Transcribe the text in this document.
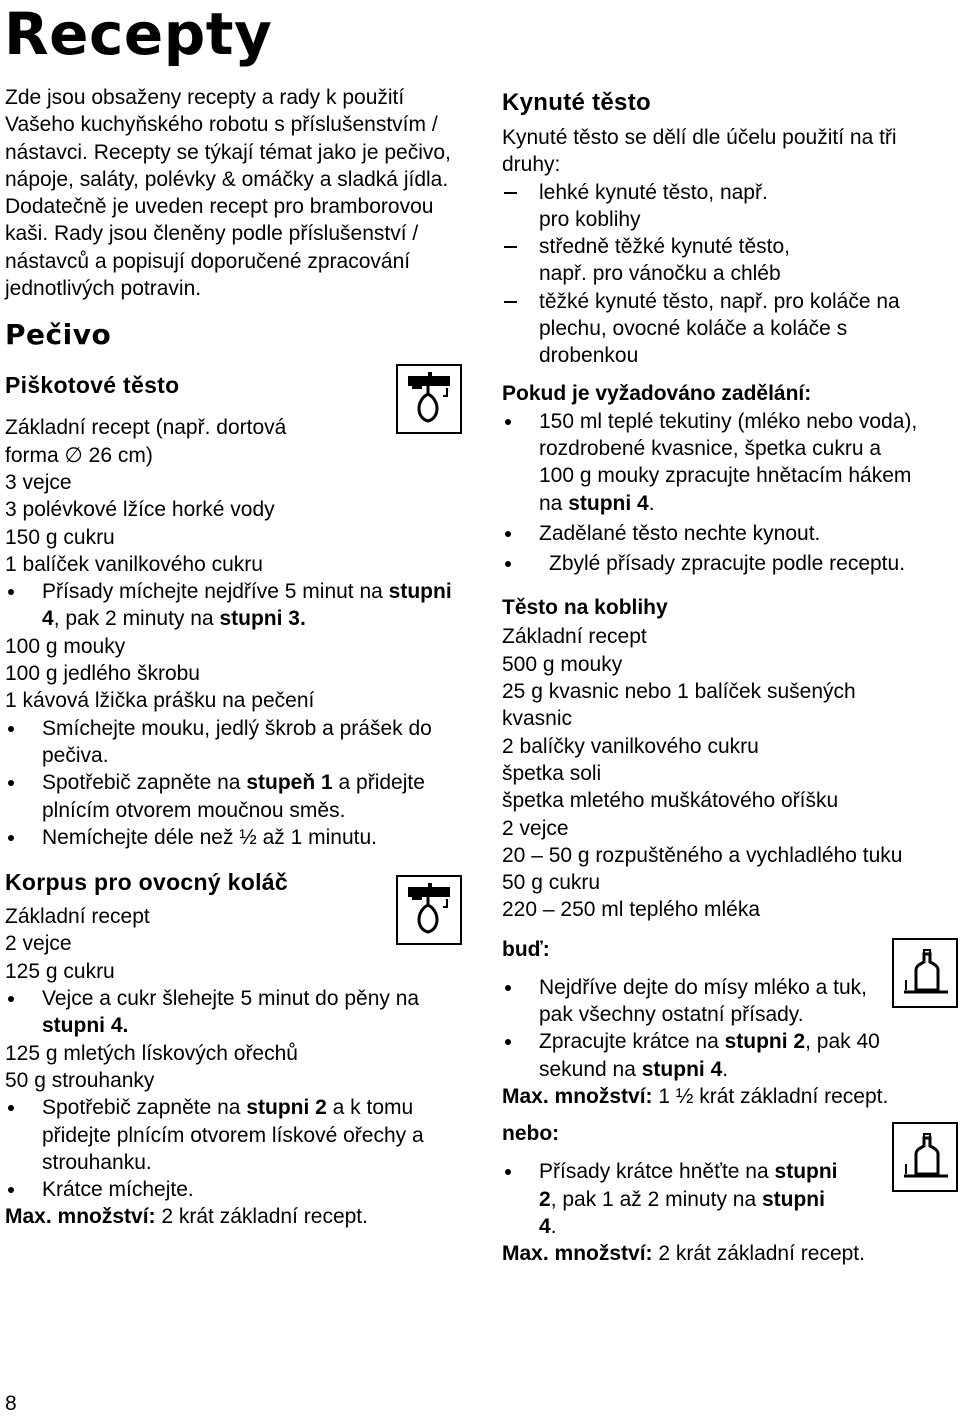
Recepty

Zde jsou obsaženy recepty a rady k použití Vašeho kuchyňského robotu s příslušenstvím / nástavci. Recepty se týkají témat jako je pečivo, nápoje, saláty, polévky & omáčky a sladká jídla. Dodatečně je uveden recept pro bramborovou kaši. Rady jsou členěny podle příslušenství / nástavců a popisují doporučené zpracování jednotlivých potravin.

Pečivo
Piškotové těsto
Základní recept (např. dortová forma ∅ 26 cm)
3 vejce
3 polévkové lžíce horké vody
150 g cukru
1 balíček vanilkového cukru
Přísady míchejte nejdříve 5 minut na stupni 4, pak 2 minuty na stupni 3.
100 g mouky
100 g jedlého škrobu
1 kávová lžička prášku na pečení
Smíchejte mouku, jedlý škrob a prášek do pečiva.
Spotřebič zapněte na stupeň 1 a přidejte plnícím otvorem moučnou směs.
Nemíchejte déle než ½ až 1 minutu.
Korpus pro ovocný koláč
Základní recept
2 vejce
125 g cukru
Vejce a cukr šlehejte 5 minut do pěny na stupni 4.
125 g mletých lískových ořechů
50 g strouhanky
Spotřebič zapněte na stupni 2 a k tomu přidejte plnícím otvorem lískové ořechy a strouhanku.
Krátce míchejte.
Max. množství: 2 krát základní recept.
Kynuté těsto

Kynuté těsto se dělí dle účelu použití na tři druhy:

lehké kynuté těsto, např. pro koblihy
středně těžké kynuté těsto, např. pro vánočku a chléb
těžké kynuté těsto, např. pro koláče na plechu, ovocné koláče a koláče s drobenkou
Pokud je vyžadováno zadělání:
150 ml teplé tekutiny (mléko nebo voda), rozdrobené kvasnice, špetka cukru a 100 g mouky zpracujte hnětacím hákem na stupni 4.
Zadělané těsto nechte kynout.
Zbylé přísady zpracujte podle receptu.
Těsto na koblihy
Základní recept
500 g mouky
25 g kvasnic nebo 1 balíček sušených kvasnic
2 balíčky vanilkového cukru
špetka soli
špetka mletého muškátového oříšku
2 vejce
20 – 50 g rozpuštěného a vychladlého tuku
50 g cukru
220 – 250 ml teplého mléka
buď:
Nejdříve dejte do mísy mléko a tuk, pak všechny ostatní přísady.
Zpracujte krátce na stupni 2, pak 40 sekund na stupni 4.
Max. množství: 1 ½ krát základní recept.
nebo:
Přísady krátce hněťte na stupni 2, pak 1 až 2 minuty na stupni 4.
Max. množství: 2 krát základní recept.
8
